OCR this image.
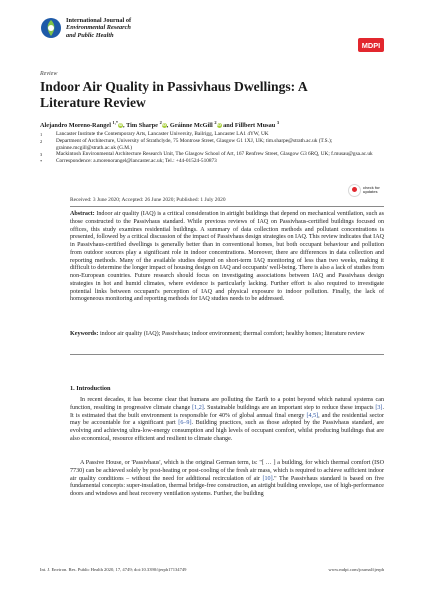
International Journal of
Environmental Research
and Public Health
MDPI
Review
Indoor Air Quality in Passivhaus Dwellings: A Literature Review
Alejandro Moreno-Rangel $^{1,*}$iD, Tim Sharpe $^2$iD, Gráinne McGill $^2$iD and Fillbert Musau $^3$
1	Lancaster Institute the Contemporary Arts, Lancaster University, Bailrigg, Lancaster LA1 4YW, UK
2	Department of Architecture, University of Strathclyde, 75 Montrose Street, Glasgow G1 1XJ, UK; tim.sharpe@strath.ac.uk (T.S.); grainne.mcgill@strath.ac.uk (G.M.)
3	Mackintosh Environmental Architecture Research Unit, The Glasgow School of Art, 167 Renfrew Street, Glasgow G3 6RQ, UK; f.musau@gsa.ac.uk
*	Correspondence: a.morenorangel@lancaster.ac.uk; Tel.: +44-01524-510873
check for
updates
Received: 3 June 2020; Accepted: 26 June 2020; Published: 1 July 2020
Abstract: Indoor air quality (IAQ) is a critical consideration in airtight buildings that depend on mechanical ventilation, such as those constructed to the Passivhaus standard. While previous reviews of IAQ on Passivhaus-certified buildings focused on offices, this study examines residential buildings. A summary of data collection methods and pollutant concentrations is presented, followed by a critical discussion of the impact of Passivhaus design strategies on IAQ. This review indicates that IAQ in Passivhaus-certified dwellings is generally better than in conventional homes, but both occupant behaviour and pollution from outdoor sources play a significant role in indoor concentrations. Moreover, there are differences in data collection and reporting methods. Many of the available studies depend on short-term IAQ monitoring of less than two weeks, making it difficult to determine the longer impact of housing design on IAQ and occupants' well-being. There is also a lack of studies from non-European countries. Future research should focus on investigating associations between IAQ and Passivhaus design strategies in hot and humid climates, where evidence is particularly lacking. Further effort is also required to investigate potential links between occupant's perception of IAQ and physical exposure to indoor pollution. Finally, the lack of homogeneous monitoring and reporting methods for IAQ studies needs to be addressed.
Keywords: indoor air quality (IAQ); Passivhaus; indoor environment; thermal comfort; healthy homes; literature review
1. Introduction
In recent decades, it has become clear that humans are polluting the Earth to a point beyond which natural systems can function, resulting in progressive climate change [1,2]. Sustainable buildings are an important step to reduce these impacts [3]. It is estimated that the built environment is responsible for 40% of global annual final energy [4,5], and the residential sector may be accountable for a significant part [6–9]. Building practices, such as those adopted by the Passivhaus standard, are evolving and achieving ultra-low-energy consumption and high levels of occupant comfort, whilst producing buildings that are also economical, resource efficient and resilient to climate change.
A Passive House, or 'Passivhaus', which is the original German term, is: "[ … ] a building, for which thermal comfort (ISO 7730) can be achieved solely by post-heating or post-cooling of the fresh air mass, which is required to achieve sufficient indoor air quality conditions – without the need for additional recirculation of air [10]." The Passivhaus standard is based on five fundamental concepts: super-insulation, thermal bridge-free construction, an airtight building envelope, use of high-performance doors and windows and heat recovery ventilation systems. Further, the building
Int. J. Environ. Res. Public Health 2020, 17, 4749; doi:10.3390/ijerph17134749	www.mdpi.com/journal/ijerph
